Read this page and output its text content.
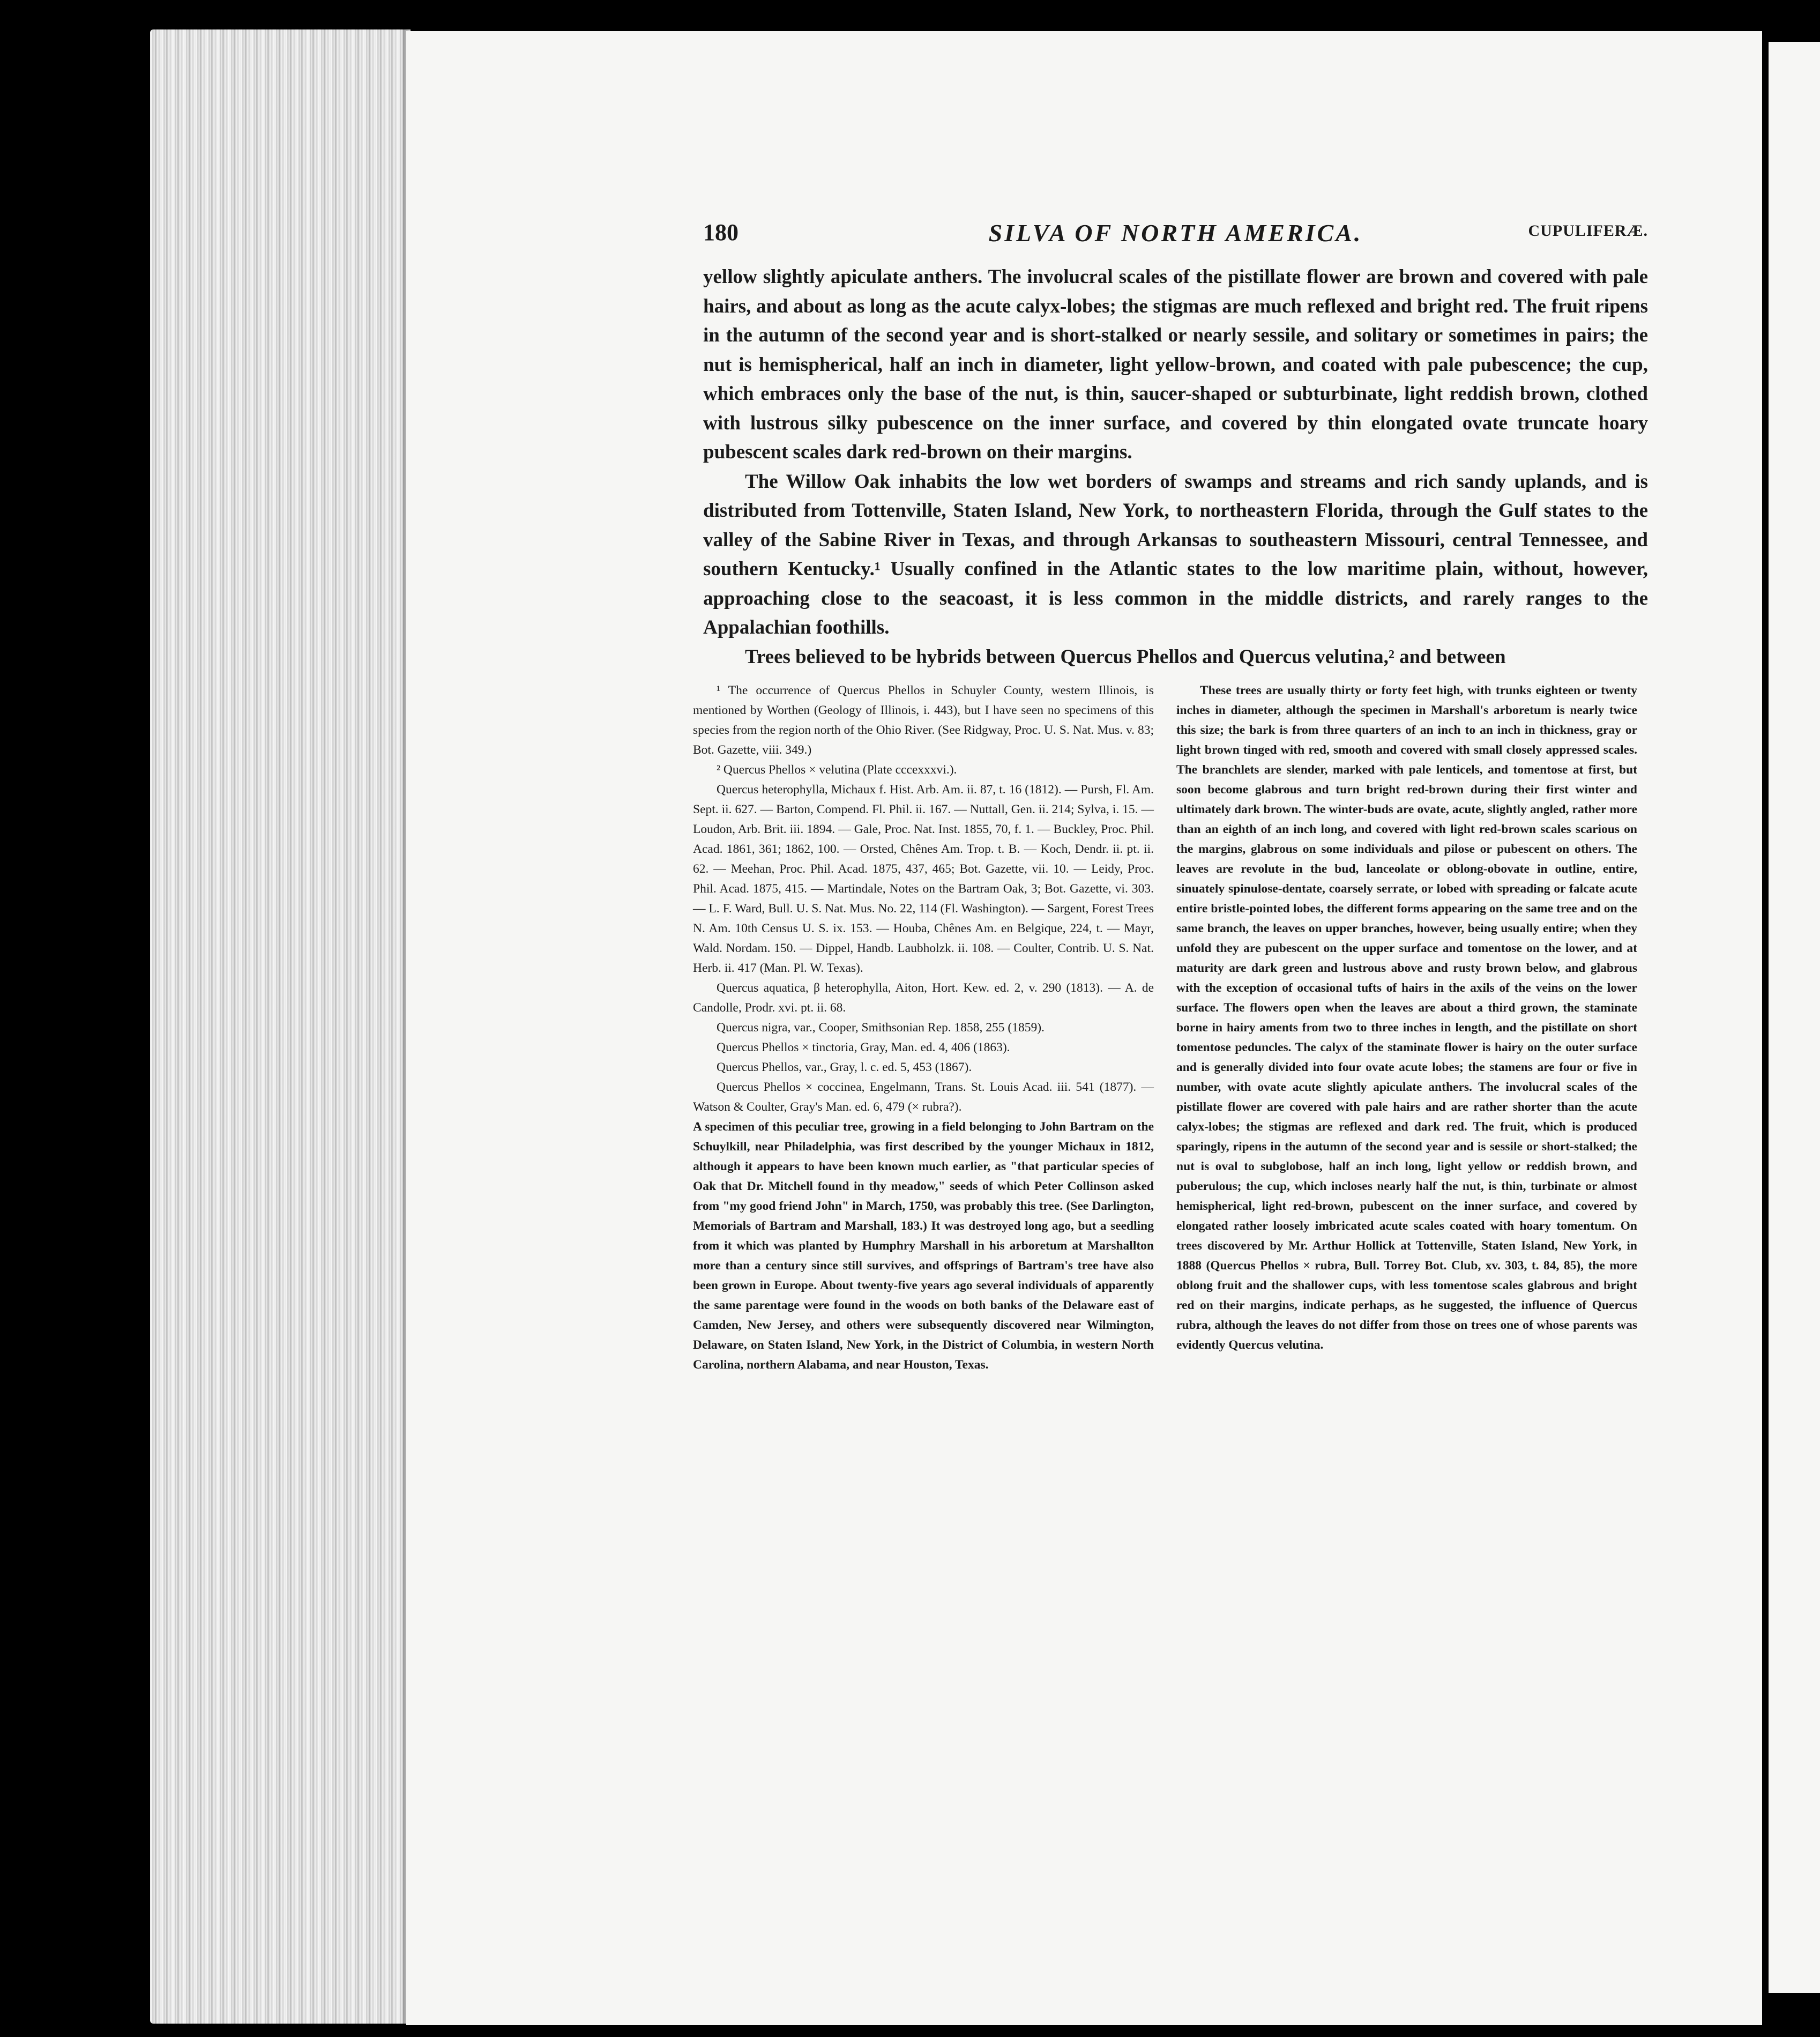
180	SILVA OF NORTH AMERICA.	CUPULIFERÆ.

yellow slightly apiculate anthers. The involucral scales of the pistillate flower are brown and covered with pale hairs, and about as long as the acute calyx-lobes; the stigmas are much reflexed and bright red. The fruit ripens in the autumn of the second year and is short-stalked or nearly sessile, and solitary or sometimes in pairs; the nut is hemispherical, half an inch in diameter, light yellow-brown, and coated with pale pubescence; the cup, which embraces only the base of the nut, is thin, saucer-shaped or subturbinate, light reddish brown, clothed with lustrous silky pubescence on the inner surface, and covered by thin elongated ovate truncate hoary pubescent scales dark red-brown on their margins.

The Willow Oak inhabits the low wet borders of swamps and streams and rich sandy uplands, and is distributed from Tottenville, Staten Island, New York, to northeastern Florida, through the Gulf states to the valley of the Sabine River in Texas, and through Arkansas to southeastern Missouri, central Tennessee, and southern Kentucky.¹ Usually confined in the Atlantic states to the low maritime plain, without, however, approaching close to the seacoast, it is less common in the middle districts, and rarely ranges to the Appalachian foothills.

Trees believed to be hybrids between Quercus Phellos and Quercus velutina,² and between

¹ The occurrence of Quercus Phellos in Schuyler County, western Illinois, is mentioned by Worthen (Geology of Illinois, i. 443), but I have seen no specimens of this species from the region north of the Ohio River. (See Ridgway, Proc. U. S. Nat. Mus. v. 83; Bot. Gazette, viii. 349.)

² Quercus Phellos × velutina (Plate cccexxxvi.).

Quercus heterophylla, Michaux f. Hist. Arb. Am. ii. 87, t. 16 (1812). — Pursh, Fl. Am. Sept. ii. 627. — Barton, Compend. Fl. Phil. ii. 167. — Nuttall, Gen. ii. 214; Sylva, i. 15. — Loudon, Arb. Brit. iii. 1894. — Gale, Proc. Nat. Inst. 1855, 70, f. 1. — Buckley, Proc. Phil. Acad. 1861, 361; 1862, 100. — Orsted, Chênes Am. Trop. t. B. — Koch, Dendr. ii. pt. ii. 62. — Meehan, Proc. Phil. Acad. 1875, 437, 465; Bot. Gazette, vii. 10. — Leidy, Proc. Phil. Acad. 1875, 415. — Martindale, Notes on the Bartram Oak, 3; Bot. Gazette, vi. 303. — L. F. Ward, Bull. U. S. Nat. Mus. No. 22, 114 (Fl. Washington). — Sargent, Forest Trees N. Am. 10th Census U. S. ix. 153. — Houba, Chênes Am. en Belgique, 224, t. — Mayr, Wald. Nordam. 150. — Dippel, Handb. Laubholzk. ii. 108. — Coulter, Contrib. U. S. Nat. Herb. ii. 417 (Man. Pl. W. Texas).

Quercus aquatica, β heterophylla, Aiton, Hort. Kew. ed. 2, v. 290 (1813). — A. de Candolle, Prodr. xvi. pt. ii. 68.

Quercus nigra, var., Cooper, Smithsonian Rep. 1858, 255 (1859).

Quercus Phellos × tinctoria, Gray, Man. ed. 4, 406 (1863).

Quercus Phellos, var., Gray, l. c. ed. 5, 453 (1867).

Quercus Phellos × coccinea, Engelmann, Trans. St. Louis Acad. iii. 541 (1877). — Watson & Coulter, Gray's Man. ed. 6, 479 (× rubra?).

A specimen of this peculiar tree, growing in a field belonging to John Bartram on the Schuylkill, near Philadelphia, was first described by the younger Michaux in 1812, although it appears to have been known much earlier, as "that particular species of Oak that Dr. Mitchell found in thy meadow," seeds of which Peter Collinson asked from "my good friend John" in March, 1750, was probably this tree. (See Darlington, Memorials of Bartram and Marshall, 183.) It was destroyed long ago, but a seedling from it which was planted by Humphry Marshall in his arboretum at Marshallton more than a century since still survives, and offsprings of Bartram's tree have also been grown in Europe. About twenty-five years ago several individuals of apparently the same parentage were found in the woods on both banks of the Delaware east of Camden, New Jersey, and others were subsequently discovered near Wilmington, Delaware, on Staten Island, New York, in the District of Columbia, in western North Carolina, northern Alabama, and near Houston, Texas.

These trees are usually thirty or forty feet high, with trunks eighteen or twenty inches in diameter, although the specimen in Marshall's arboretum is nearly twice this size; the bark is from three quarters of an inch to an inch in thickness, gray or light brown tinged with red, smooth and covered with small closely appressed scales. The branchlets are slender, marked with pale lenticels, and tomentose at first, but soon become glabrous and turn bright red-brown during their first winter and ultimately dark brown. The winter-buds are ovate, acute, slightly angled, rather more than an eighth of an inch long, and covered with light red-brown scales scarious on the margins, glabrous on some individuals and pilose or pubescent on others. The leaves are revolute in the bud, lanceolate or oblong-obovate in outline, entire, sinuately spinulose-dentate, coarsely serrate, or lobed with spreading or falcate acute entire bristle-pointed lobes, the different forms appearing on the same tree and on the same branch, the leaves on upper branches, however, being usually entire; when they unfold they are pubescent on the upper surface and tomentose on the lower, and at maturity are dark green and lustrous above and rusty brown below, and glabrous with the exception of occasional tufts of hairs in the axils of the veins on the lower surface. The flowers open when the leaves are about a third grown, the staminate borne in hairy aments from two to three inches in length, and the pistillate on short tomentose peduncles. The calyx of the staminate flower is hairy on the outer surface and is generally divided into four ovate acute lobes; the stamens are four or five in number, with ovate acute slightly apiculate anthers. The involucral scales of the pistillate flower are covered with pale hairs and are rather shorter than the acute calyx-lobes; the stigmas are reflexed and dark red. The fruit, which is produced sparingly, ripens in the autumn of the second year and is sessile or short-stalked; the nut is oval to subglobose, half an inch long, light yellow or reddish brown, and puberulous; the cup, which incloses nearly half the nut, is thin, turbinate or almost hemispherical, light red-brown, pubescent on the inner surface, and covered by elongated rather loosely imbricated acute scales coated with hoary tomentum. On trees discovered by Mr. Arthur Hollick at Tottenville, Staten Island, New York, in 1888 (Quercus Phellos × rubra, Bull. Torrey Bot. Club, xv. 303, t. 84, 85), the more oblong fruit and the shallower cups, with less tomentose scales glabrous and bright red on their margins, indicate perhaps, as he suggested, the influence of Quercus rubra, although the leaves do not differ from those on trees one of whose parents was evidently Quercus velutina.
